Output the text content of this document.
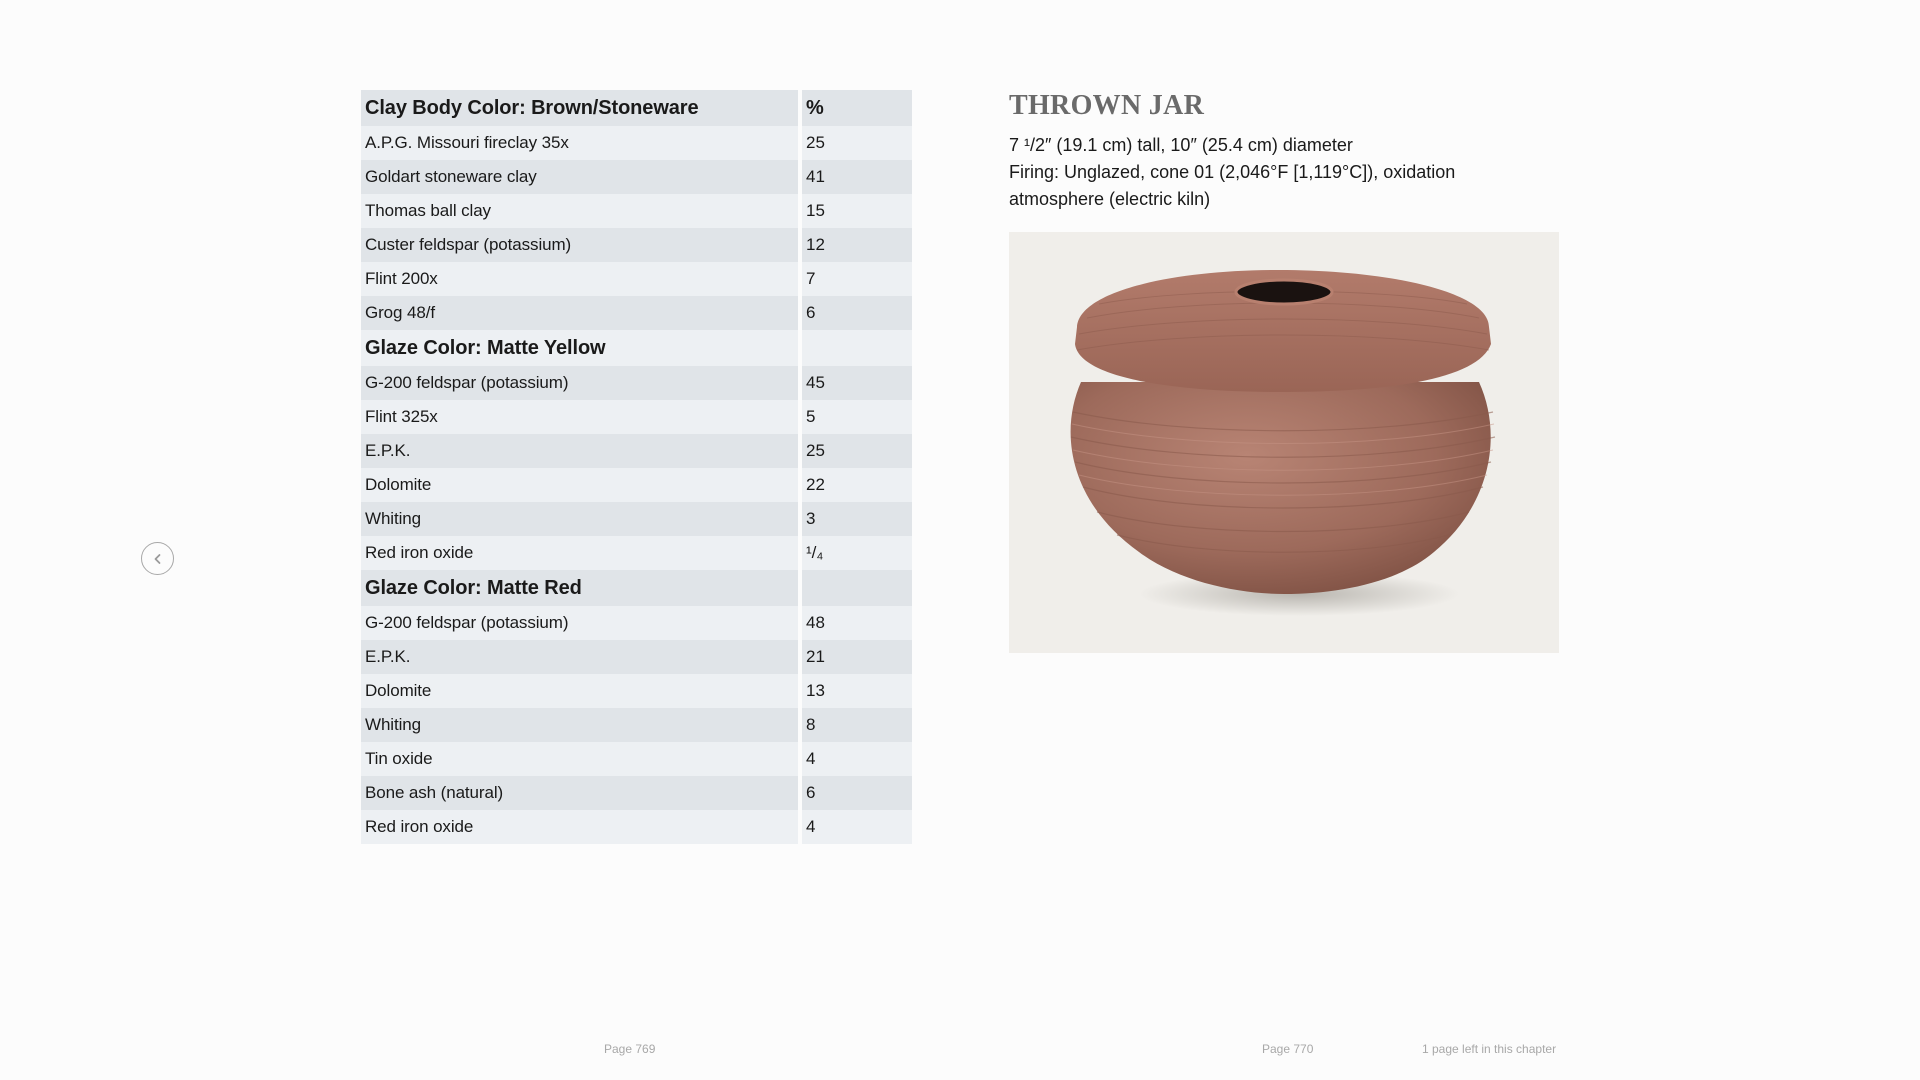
Clay Body Color: Brown/Stoneware	%
A.P.G. Missouri fireclay 35x	25
Goldart stoneware clay	41
Thomas ball clay	15
Custer feldspar (potassium)	12
Flint 200x	7
Grog 48/f	6
Glaze Color: Matte Yellow
G-200 feldspar (potassium)	45
Flint 325x	5
E.P.K.	25
Dolomite	22
Whiting	3
Red iron oxide	¹/₄
Glaze Color: Matte Red
G-200 feldspar (potassium)	48
E.P.K.	21
Dolomite	13
Whiting	8
Tin oxide	4
Bone ash (natural)	6
Red iron oxide	4
THROWN JAR
7 ¹/2″ (19.1 cm) tall, 10″ (25.4 cm) diameter
Firing: Unglazed, cone 01 (2,046°F [1,119°C]), oxidation
atmosphere (electric kiln)
Page 769	Page 770	1 page left in this chapter
